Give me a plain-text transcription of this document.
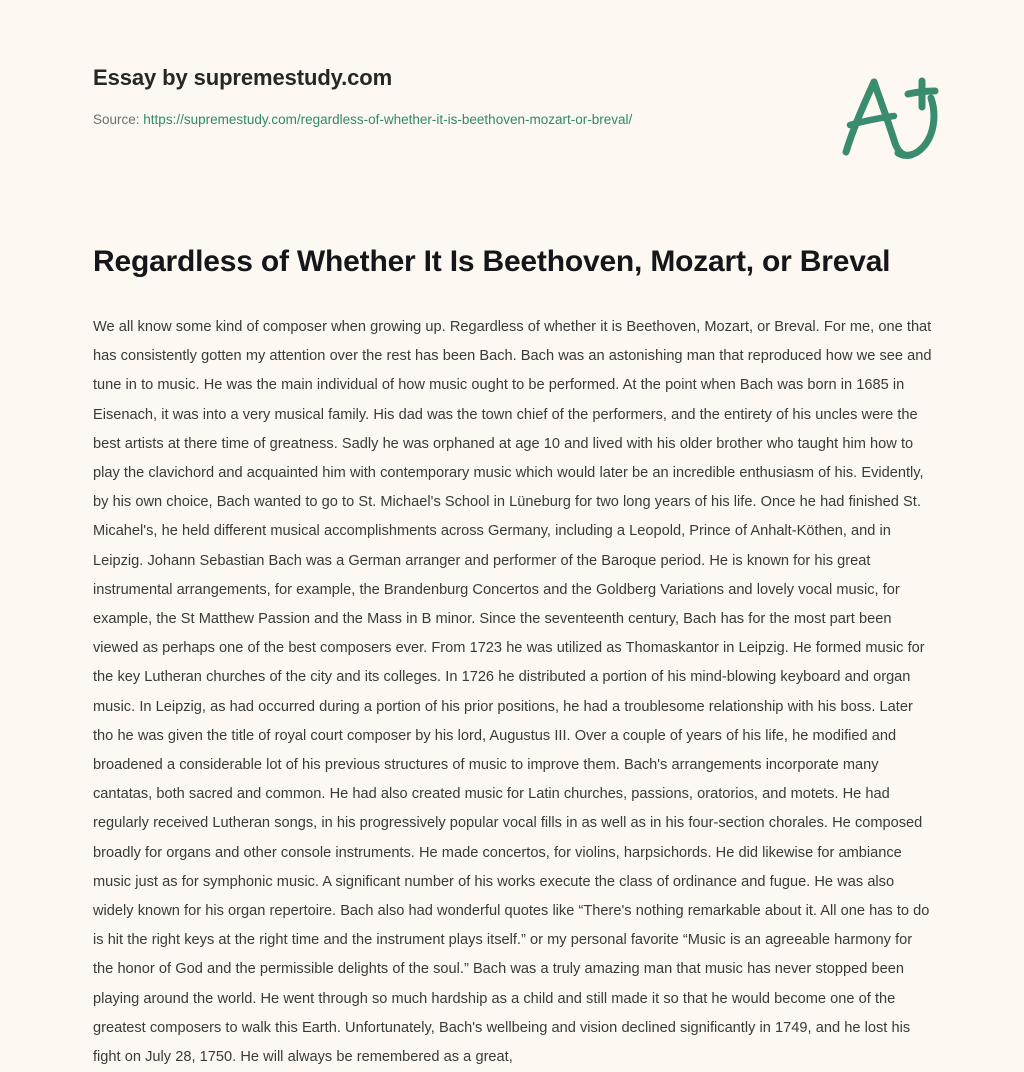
Essay by supremestudy.com
Source: https://supremestudy.com/regardless-of-whether-it-is-beethoven-mozart-or-breval/
Regardless of Whether It Is Beethoven, Mozart, or Breval

We all know some kind of composer when growing up. Regardless of whether it is Beethoven, Mozart, or Breval. For me, one that has consistently gotten my attention over the rest has been Bach. Bach was an astonishing man that reproduced how we see and tune in to music. He was the main individual of how music ought to be performed. At the point when Bach was born in 1685 in Eisenach, it was into a very musical family. His dad was the town chief of the performers, and the entirety of his uncles were the best artists at there time of greatness. Sadly he was orphaned at age 10 and lived with his older brother who taught him how to play the clavichord and acquainted him with contemporary music which would later be an incredible enthusiasm of his. Evidently, by his own choice, Bach wanted to go to St. Michael's School in Lüneburg for two long years of his life. Once he had finished St. Micahel's, he held different musical accomplishments across Germany, including a Leopold, Prince of Anhalt-Köthen, and in Leipzig. Johann Sebastian Bach was a German arranger and performer of the Baroque period. He is known for his great instrumental arrangements, for example, the Brandenburg Concertos and the Goldberg Variations and lovely vocal music, for example, the St Matthew Passion and the Mass in B minor. Since the seventeenth century, Bach has for the most part been viewed as perhaps one of the best composers ever. From 1723 he was utilized as Thomaskantor in Leipzig. He formed music for the key Lutheran churches of the city and its colleges. In 1726 he distributed a portion of his mind-blowing keyboard and organ music. In Leipzig, as had occurred during a portion of his prior positions, he had a troublesome relationship with his boss. Later tho he was given the title of royal court composer by his lord, Augustus III. Over a couple of years of his life, he modified and broadened a considerable lot of his previous structures of music to improve them. Bach's arrangements incorporate many cantatas, both sacred and common. He had also created music for Latin churches, passions, oratorios, and motets. He had regularly received Lutheran songs, in his progressively popular vocal fills in as well as in his four-section chorales. He composed broadly for organs and other console instruments. He made concertos, for violins, harpsichords. He did likewise for ambiance music just as for symphonic music. A significant number of his works execute the class of ordinance and fugue. He was also widely known for his organ repertoire. Bach also had wonderful quotes like “There's nothing remarkable about it. All one has to do is hit the right keys at the right time and the instrument plays itself.” or my personal favorite “Music is an agreeable harmony for the honor of God and the permissible delights of the soul.” Bach was a truly amazing man that music has never stopped been playing around the world. He went through so much hardship as a child and still made it so that he would become one of the greatest composers to walk this Earth. Unfortunately, Bach's wellbeing and vision declined significantly in 1749, and he lost his fight on July 28, 1750. He will always be remembered as a great,
